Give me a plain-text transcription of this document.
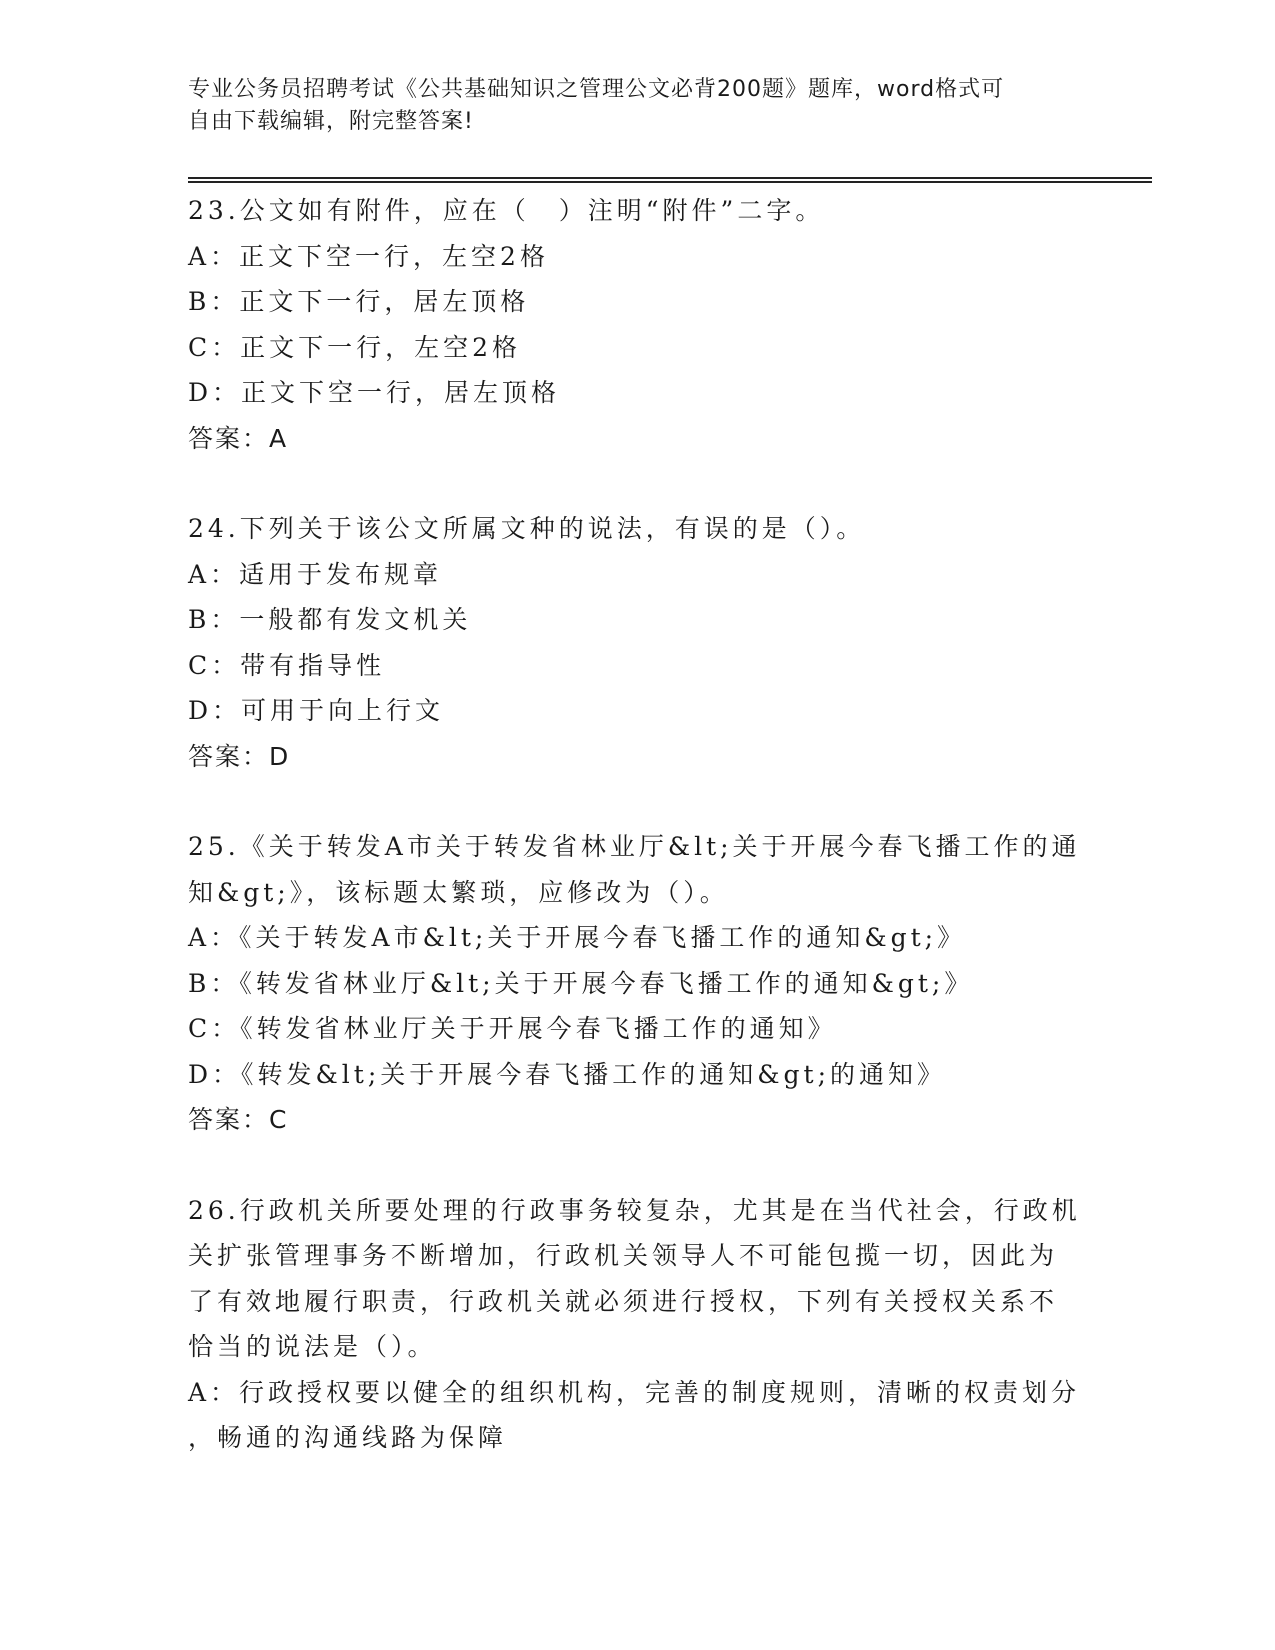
专业公务员招聘考试《公共基础知识之管理公文必背200题》题库，word格式可
自由下载编辑，附完整答案!
23.公文如有附件，应在（　）注明“附件”二字。
A：正文下空一行，左空2格
B：正文下一行，居左顶格
C：正文下一行，左空2格
D：正文下空一行，居左顶格
答案：A
24.下列关于该公文所属文种的说法，有误的是（）。
A：适用于发布规章
B：一般都有发文机关
C：带有指导性
D：可用于向上行文
答案：D
25.《关于转发A市关于转发省林业厅&lt;关于开展今春飞播工作的通
知&gt;》，该标题太繁琐，应修改为（）。
A：《关于转发A市&lt;关于开展今春飞播工作的通知&gt;》
B：《转发省林业厅&lt;关于开展今春飞播工作的通知&gt;》
C：《转发省林业厅关于开展今春飞播工作的通知》
D：《转发&lt;关于开展今春飞播工作的通知&gt;的通知》
答案：C
26.行政机关所要处理的行政事务较复杂，尤其是在当代社会，行政机
关扩张管理事务不断增加，行政机关领导人不可能包揽一切，因此为
了有效地履行职责，行政机关就必须进行授权，下列有关授权关系不
恰当的说法是（）。
A：行政授权要以健全的组织机构，完善的制度规则，清晰的权责划分
，畅通的沟通线路为保障
